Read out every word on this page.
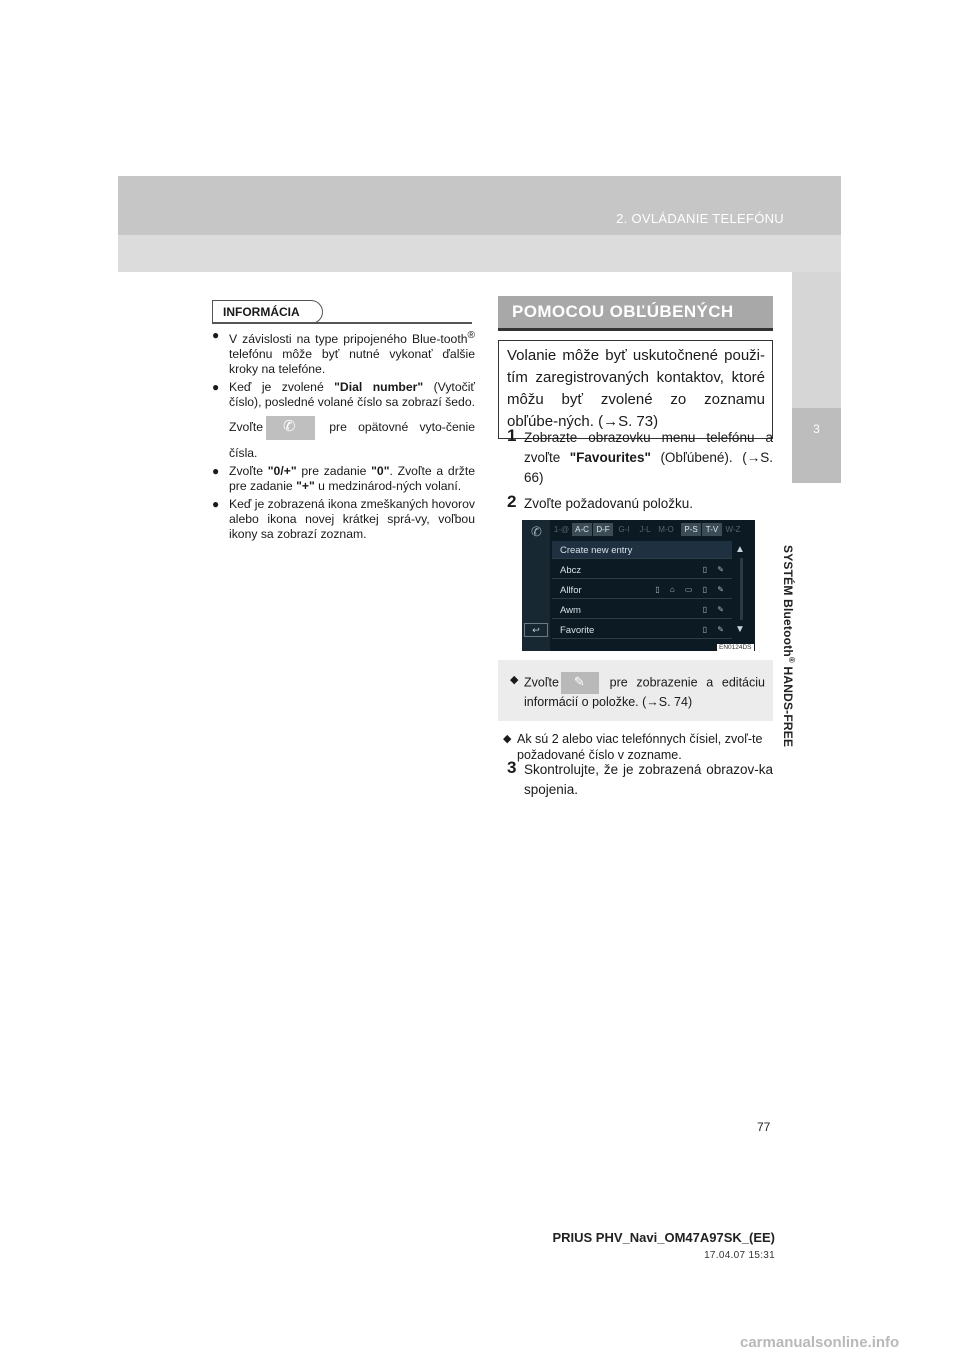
2. OVLÁDANIE TELEFÓNU
3
SYSTÉM Bluetooth® HANDS-FREE
INFORMÁCIA
● V závislosti na type pripojeného Blue-tooth® telefónu môže byť nutné vykonať ďalšie kroky na telefóne.
● Keď je zvolené "Dial number" (Vytočiť číslo), posledné volané číslo sa zobrazí šedo. Zvoľte ✆ pre opätovné vyto-čenie čísla.
● Zvoľte "0/+" pre zadanie "0". Zvoľte a držte pre zadanie "+" u medzinárod-ných volaní.
● Keď je zobrazená ikona zmeškaných hovorov alebo ikona novej krátkej sprá-vy, voľbou ikony sa zobrazí zoznam.
POMOCOU OBĽÚBENÝCH
Volanie môže byť uskutočnené použi-tím zaregistrovaných kontaktov, ktoré môžu byť zvolené zo zoznamu obľúbe-ných. (→S. 73)
1 Zobrazte obrazovku menu telefónu a zvoľte "Favourites" (Obľúbené). (→S. 66)
2 Zvoľte požadovanú položku.
✆
↩
1-@ A-C D-F	G-I	J-L M-O	P-S	T-V W-Z
Create new entry
Abcz	▯ ✎
Allfor	▯ ⌂ ▭ ▯ ✎
Awm	▯ ✎
Favorite	▯ ✎
▲
▼
EN0124DS
◆ Zvoľte ✎ pre zobrazenie a editáciu informácií o položke. (→S. 74)
◆ Ak sú 2 alebo viac telefónnych čísiel, zvoľ-te požadované číslo v zozname.
3 Skontrolujte, že je zobrazená obrazov-ka spojenia.
77
PRIUS PHV_Navi_OM47A97SK_(EE)
17.04.07 15:31
carmanualsonline.info
